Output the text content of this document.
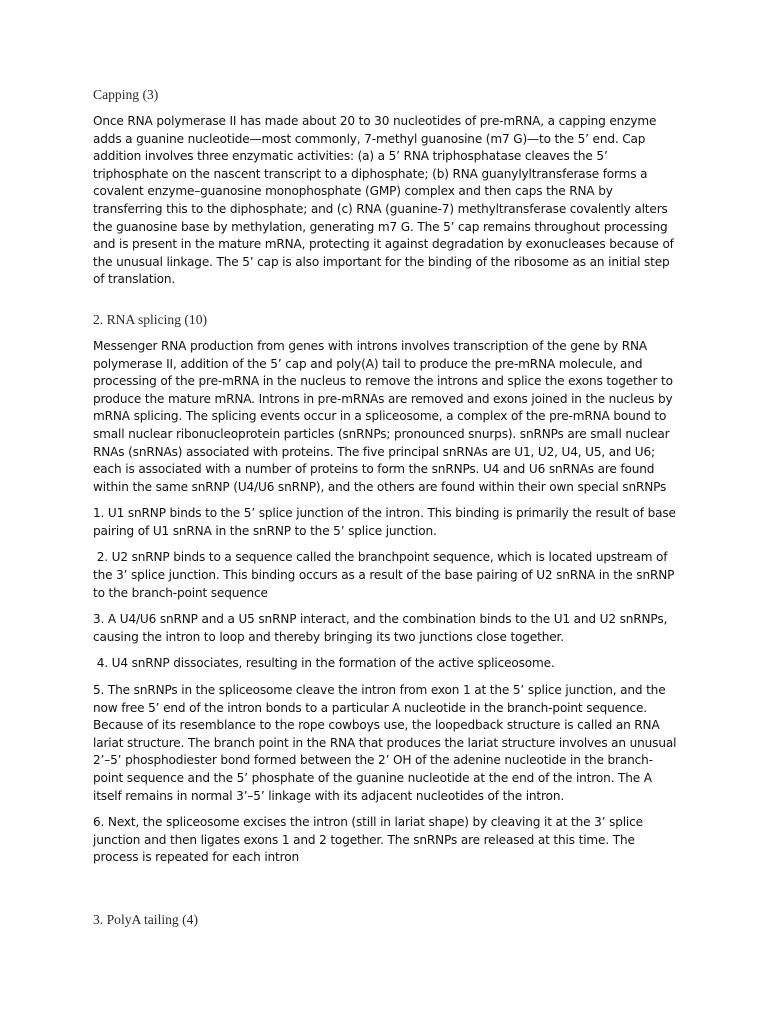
Capping (3)

Once RNA polymerase II has made about 20 to 30 nucleotides of pre-mRNA, a capping enzyme adds a guanine nucleotide—most commonly, 7-methyl guanosine (m7 G)—to the 5’ end. Cap addition involves three enzymatic activities: (a) a 5’ RNA triphosphatase cleaves the 5’ triphosphate on the nascent transcript to a diphosphate; (b) RNA guanylyltransferase forms a covalent enzyme–guanosine monophosphate (GMP) complex and then caps the RNA by transferring this to the diphosphate; and (c) RNA (guanine-7) methyltransferase covalently alters the guanosine base by methylation, generating m7 G. The 5’ cap remains throughout processing and is present in the mature mRNA, protecting it against degradation by exonucleases because of the unusual linkage. The 5’ cap is also important for the binding of the ribosome as an initial step of translation.

2. RNA splicing (10)

Messenger RNA production from genes with introns involves transcription of the gene by RNA polymerase II, addition of the 5’ cap and poly(A) tail to produce the pre-mRNA molecule, and processing of the pre-mRNA in the nucleus to remove the introns and splice the exons together to produce the mature mRNA. Introns in pre-mRNAs are removed and exons joined in the nucleus by mRNA splicing. The splicing events occur in a spliceosome, a complex of the pre-mRNA bound to small nuclear ribonucleoprotein particles (snRNPs; pronounced snurps). snRNPs are small nuclear RNAs (snRNAs) associated with proteins. The five principal snRNAs are U1, U2, U4, U5, and U6; each is associated with a number of proteins to form the snRNPs. U4 and U6 snRNAs are found within the same snRNP (U4/U6 snRNP), and the others are found within their own special snRNPs

1. U1 snRNP binds to the 5’ splice junction of the intron. This binding is primarily the result of base pairing of U1 snRNA in the snRNP to the 5’ splice junction.

2. U2 snRNP binds to a sequence called the branchpoint sequence, which is located upstream of the 3’ splice junction. This binding occurs as a result of the base pairing of U2 snRNA in the snRNP to the branch-point sequence

3. A U4/U6 snRNP and a U5 snRNP interact, and the combination binds to the U1 and U2 snRNPs, causing the intron to loop and thereby bringing its two junctions close together.

4. U4 snRNP dissociates, resulting in the formation of the active spliceosome.

5. The snRNPs in the spliceosome cleave the intron from exon 1 at the 5’ splice junction, and the now free 5’ end of the intron bonds to a particular A nucleotide in the branch-point sequence. Because of its resemblance to the rope cowboys use, the loopedback structure is called an RNA lariat structure. The branch point in the RNA that produces the lariat structure involves an unusual 2’–5’ phosphodiester bond formed between the 2’ OH of the adenine nucleotide in the branch-point sequence and the 5’ phosphate of the guanine nucleotide at the end of the intron. The A itself remains in normal 3’–5’ linkage with its adjacent nucleotides of the intron.

6. Next, the spliceosome excises the intron (still in lariat shape) by cleaving it at the 3’ splice junction and then ligates exons 1 and 2 together. The snRNPs are released at this time. The process is repeated for each intron

3. PolyA tailing (4)
